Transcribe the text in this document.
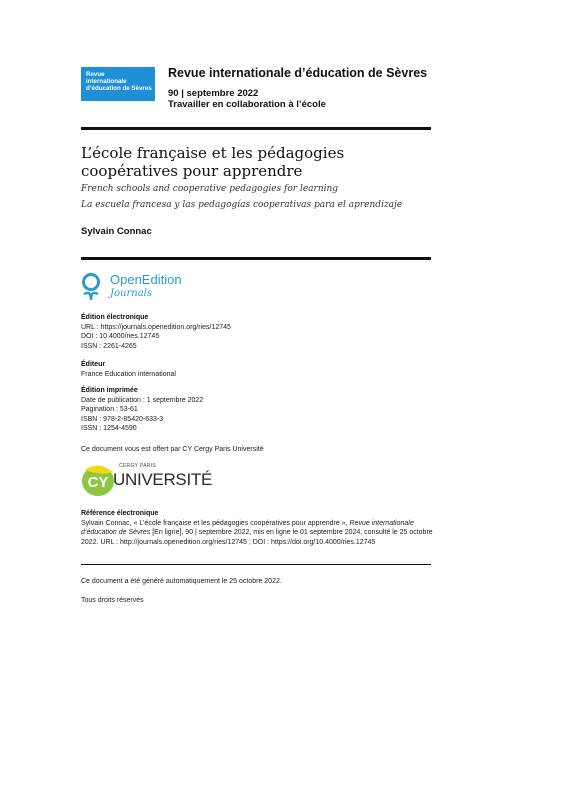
Revue
internationale
d’éducation de Sèvres
Revue internationale d’éducation de Sèvres
90 | septembre 2022
Travailler en collaboration à l’école
L’école française et les pédagogies coopératives pour apprendre
French schools and cooperative pedagogies for learning
La escuela francesa y las pedagogías cooperativas para el aprendizaje
Sylvain Connac
OpenEdition
Journals
Édition électronique
URL : https://journals.openedition.org/ries/12745
DOI : 10.4000/ries.12745
ISSN : 2261-4265
Éditeur
France Education international
Édition imprimée
Date de publication : 1 septembre 2022
Pagination : 53-61
ISBN : 978-2-85420-633-3
ISSN : 1254-4590
Ce document vous est offert par CY Cergy Paris Université
CY
CERGY PARIS
UNIVERSITÉ
Référence électronique
Sylvain Connac, « L’école française et les pédagogies coopératives pour apprendre », Revue internationale d’éducation de Sèvres [En ligne], 90 | septembre 2022, mis en ligne le 01 septembre 2024, consulté le 25 octobre 2022. URL : http://journals.openedition.org/ries/12745 ; DOI : https://doi.org/10.4000/ries.12745
Ce document a été généré automatiquement le 25 octobre 2022.
Tous droits réservés
